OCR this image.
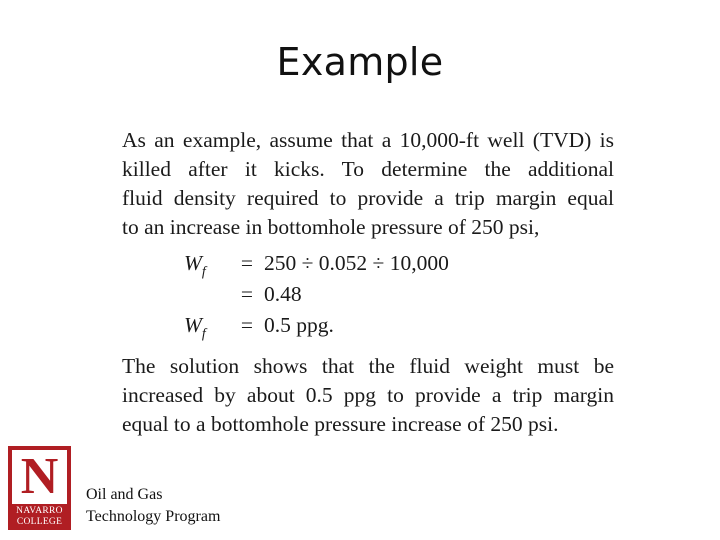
Example

As an example, assume that a 10,000-ft well (TVD) is
killed after it kicks. To determine the additional
fluid density required to provide a trip margin equal
to an increase in bottomhole pressure of 250 psi,

$W_f$	= 250 ÷ 0.052 ÷ 10,000
= 0.48
$W_f$	= 0.5 ppg.

The solution shows that the fluid weight must be
increased by about 0.5 ppg to provide a trip margin
equal to a bottomhole pressure increase of 250 psi.

N
NAVARRO
COLLEGE
Oil and Gas
Technology Program
